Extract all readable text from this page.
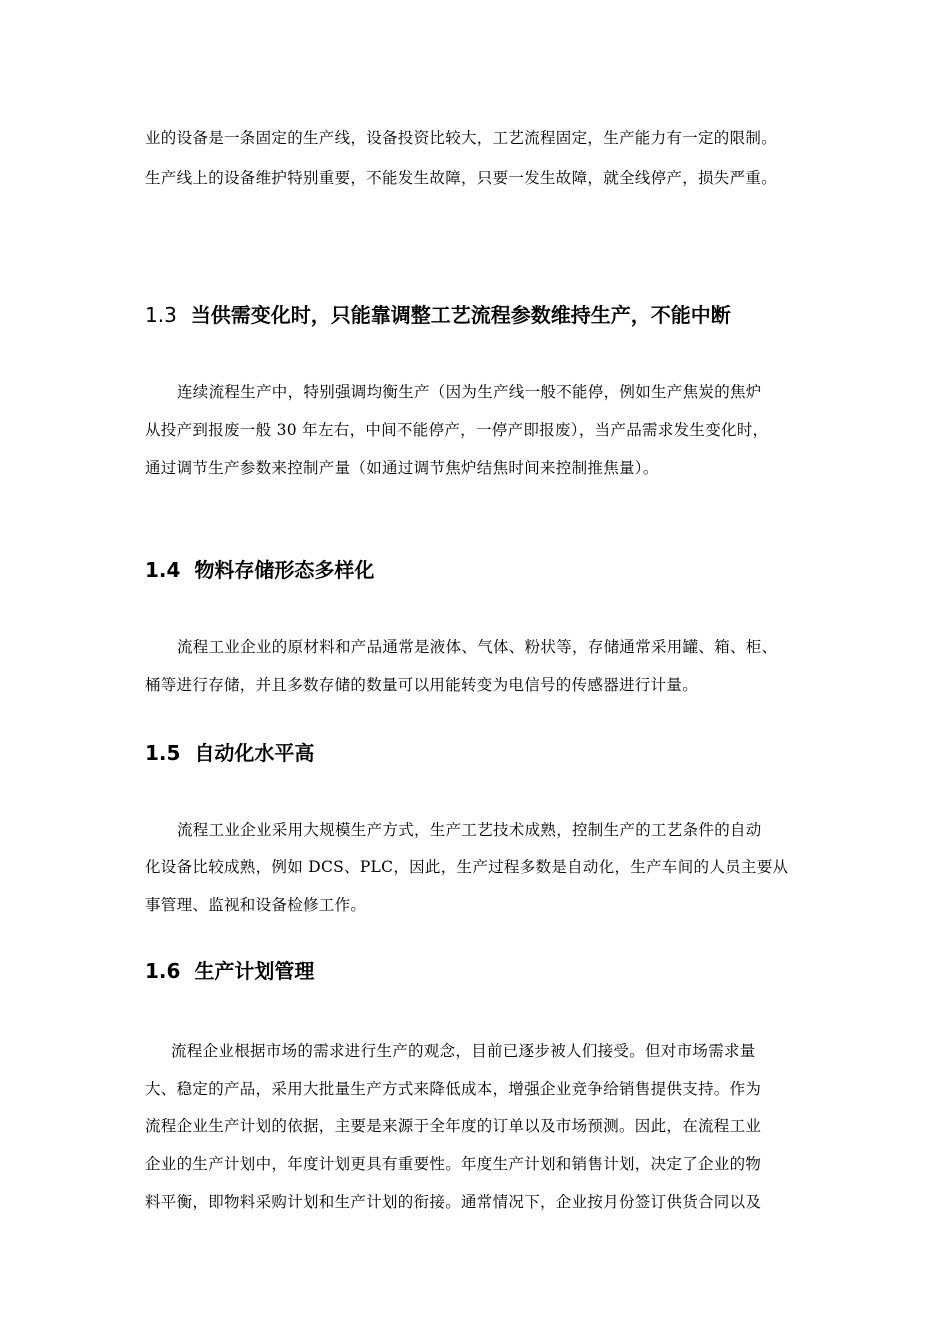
业的设备是一条固定的生产线，设备投资比较大，工艺流程固定，生产能力有一定的限制。
生产线上的设备维护特别重要，不能发生故障，只要一发生故障，就全线停产，损失严重。
1.3 当供需变化时，只能靠调整工艺流程参数维持生产，不能中断
连续流程生产中，特别强调均衡生产（因为生产线一般不能停，例如生产焦炭的焦炉
从投产到报废一般 30 年左右，中间不能停产，一停产即报废），当产品需求发生变化时，
通过调节生产参数来控制产量（如通过调节焦炉结焦时间来控制推焦量）。
1.4 物料存储形态多样化
流程工业企业的原材料和产品通常是液体、气体、粉状等，存储通常采用罐、箱、柜、
桶等进行存储，并且多数存储的数量可以用能转变为电信号的传感器进行计量。
1.5 自动化水平高
流程工业企业采用大规模生产方式，生产工艺技术成熟，控制生产的工艺条件的自动
化设备比较成熟，例如 DCS、PLC，因此，生产过程多数是自动化，生产车间的人员主要从
事管理、监视和设备检修工作。
1.6 生产计划管理
流程企业根据市场的需求进行生产的观念，目前已逐步被人们接受。但对市场需求量
大、稳定的产品，采用大批量生产方式来降低成本，增强企业竞争给销售提供支持。作为
流程企业生产计划的依据，主要是来源于全年度的订单以及市场预测。因此，在流程工业
企业的生产计划中，年度计划更具有重要性。年度生产计划和销售计划，决定了企业的物
料平衡，即物料采购计划和生产计划的衔接。通常情况下，企业按月份签订供货合同以及
